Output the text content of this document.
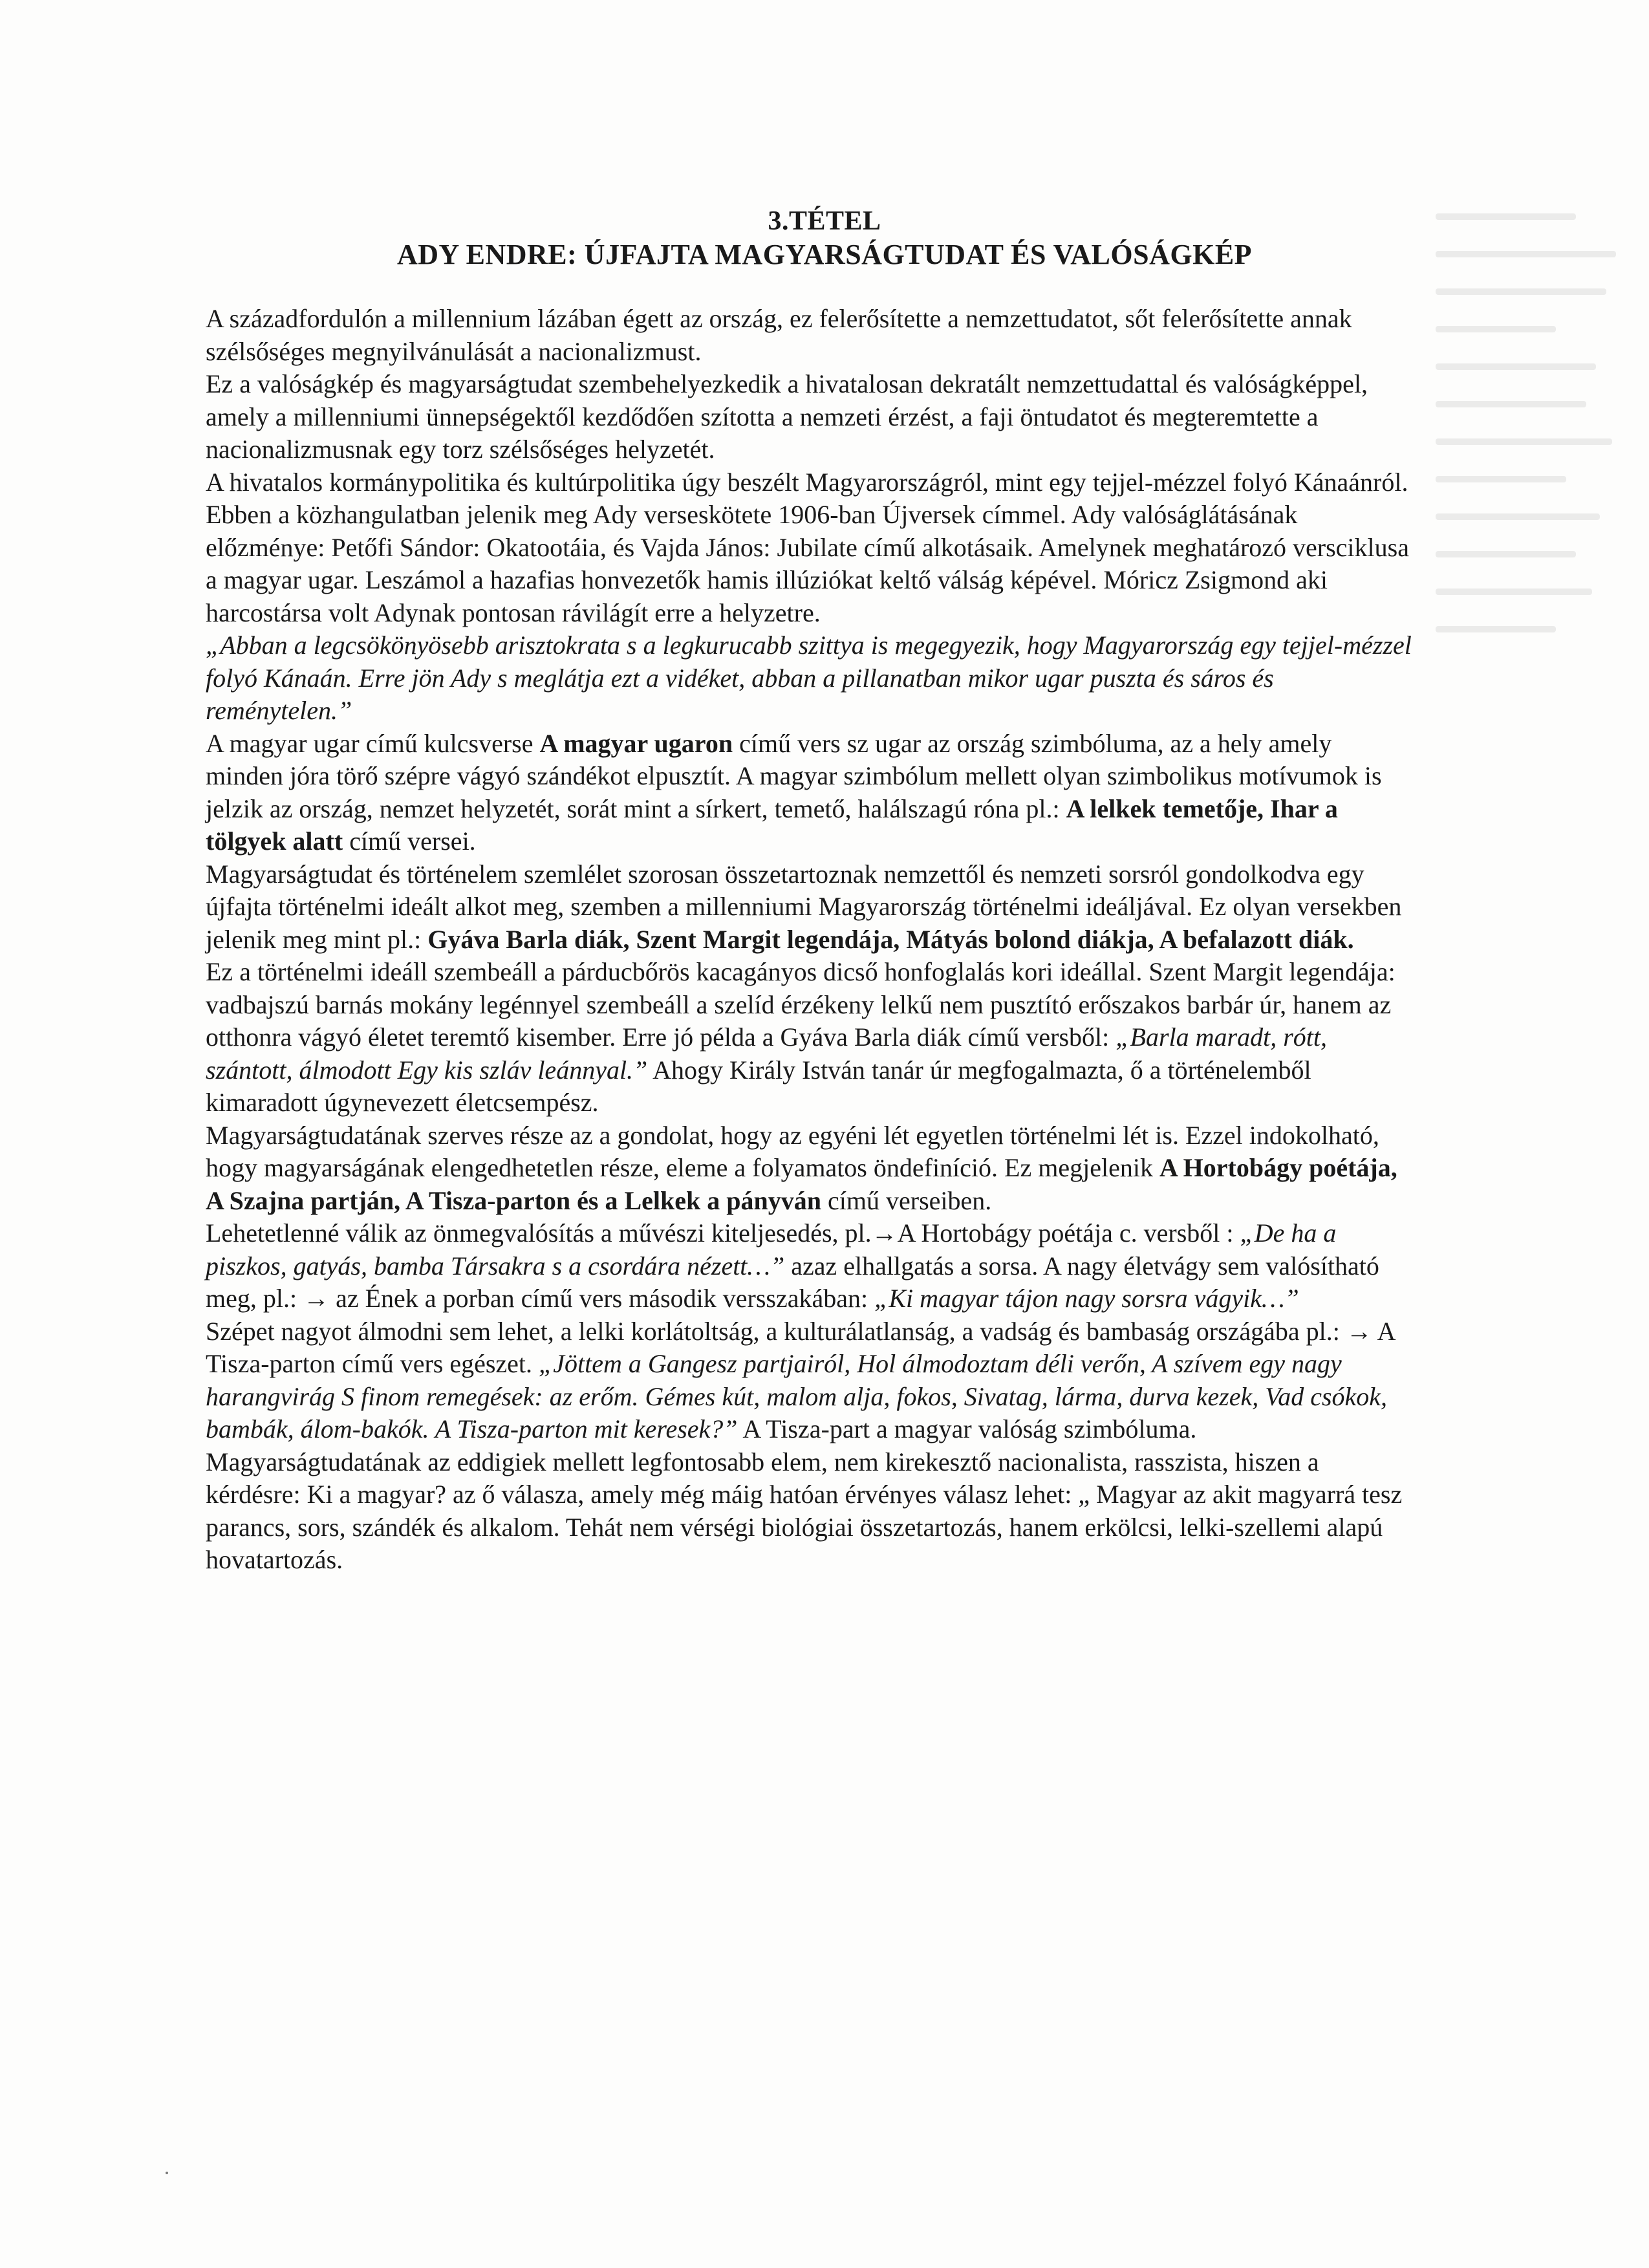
3.TÉTEL
ADY ENDRE: ÚJFAJTA MAGYARSÁGTUDAT ÉS VALÓSÁGKÉP

A századfordulón a millennium lázában égett az ország, ez felerősítette a nemzettudatot, sőt felerősítette annak szélsőséges megnyilvánulását a nacionalizmust.

Ez a valóságkép és magyarságtudat szembehelyezkedik a hivatalosan dekratált nemzettudattal és valóságképpel, amely a millenniumi ünnepségektől kezdődően szította a nemzeti érzést, a faji öntudatot és megteremtette a nacionalizmusnak egy torz szélsőséges helyzetét.

A hivatalos kormánypolitika és kultúrpolitika úgy beszélt Magyarországról, mint egy tejjel-mézzel folyó Kánaánról. Ebben a közhangulatban jelenik meg Ady verseskötete 1906-ban Újversek címmel. Ady valóságlátásának előzménye: Petőfi Sándor: Okatootáia, és Vajda János: Jubilate című alkotásaik. Amelynek meghatározó versciklusa a magyar ugar. Leszámol a hazafias honvezetők hamis illúziókat keltő válság képével. Móricz Zsigmond aki harcostársa volt Adynak pontosan rávilágít erre a helyzetre.

„Abban a legcsökönyösebb arisztokrata s a legkurucabb szittya is megegyezik, hogy Magyarország egy tejjel-mézzel folyó Kánaán. Erre jön Ady s meglátja ezt a vidéket, abban a pillanatban mikor ugar puszta és sáros és reménytelen.”

A magyar ugar című kulcsverse A magyar ugaron című vers sz ugar az ország szimbóluma, az a hely amely minden jóra törő szépre vágyó szándékot elpusztít. A magyar szimbólum mellett olyan szimbolikus motívumok is jelzik az ország, nemzet helyzetét, sorát mint a sírkert, temető, halálszagú róna pl.: A lelkek temetője, Ihar a tölgyek alatt című versei.

Magyarságtudat és történelem szemlélet szorosan összetartoznak nemzettől és nemzeti sorsról gondolkodva egy újfajta történelmi ideált alkot meg, szemben a millenniumi Magyarország történelmi ideáljával. Ez olyan versekben jelenik meg mint pl.: Gyáva Barla diák, Szent Margit legendája, Mátyás bolond diákja, A befalazott diák.

Ez a történelmi ideáll szembeáll a párducbőrös kacagányos dicső honfoglalás kori ideállal. Szent Margit legendája: vadbajszú barnás mokány legénnyel szembeáll a szelíd érzékeny lelkű nem pusztító erőszakos barbár úr, hanem az otthonra vágyó életet teremtő kisember. Erre jó példa a Gyáva Barla diák című versből: „Barla maradt, rótt, szántott, álmodott Egy kis szláv leánnyal.” Ahogy Király István tanár úr megfogalmazta, ő a történelemből kimaradott úgynevezett életcsempész.

Magyarságtudatának szerves része az a gondolat, hogy az egyéni lét egyetlen történelmi lét is. Ezzel indokolható, hogy magyarságának elengedhetetlen része, eleme a folyamatos öndefiníció. Ez megjelenik A Hortobágy poétája, A Szajna partján, A Tisza-parton és a Lelkek a pányván című verseiben.

Lehetetlenné válik az önmegvalósítás a művészi kiteljesedés, pl.→A Hortobágy poétája c. versből : „De ha a piszkos, gatyás, bamba Társakra s a csordára nézett…” azaz elhallgatás a sorsa. A nagy életvágy sem valósítható meg, pl.: → az Ének a porban című vers második versszakában: „Ki magyar tájon nagy sorsra vágyik…”

Szépet nagyot álmodni sem lehet, a lelki korlátoltság, a kulturálatlanság, a vadság és bambaság országába pl.: → A Tisza-parton című vers egészet. „Jöttem a Gangesz partjairól, Hol álmodoztam déli verőn, A szívem egy nagy harangvirág S finom remegések: az erőm. Gémes kút, malom alja, fokos, Sivatag, lárma, durva kezek, Vad csókok, bambák, álom-bakók. A Tisza-parton mit keresek?” A Tisza-part a magyar valóság szimbóluma.

Magyarságtudatának az eddigiek mellett legfontosabb elem, nem kirekesztő nacionalista, rasszista, hiszen a kérdésre: Ki a magyar? az ő válasza, amely még máig hatóan érvényes válasz lehet: „ Magyar az akit magyarrá tesz parancs, sors, szándék és alkalom. Tehát nem vérségi biológiai összetartozás, hanem erkölcsi, lelki-szellemi alapú hovatartozás.
